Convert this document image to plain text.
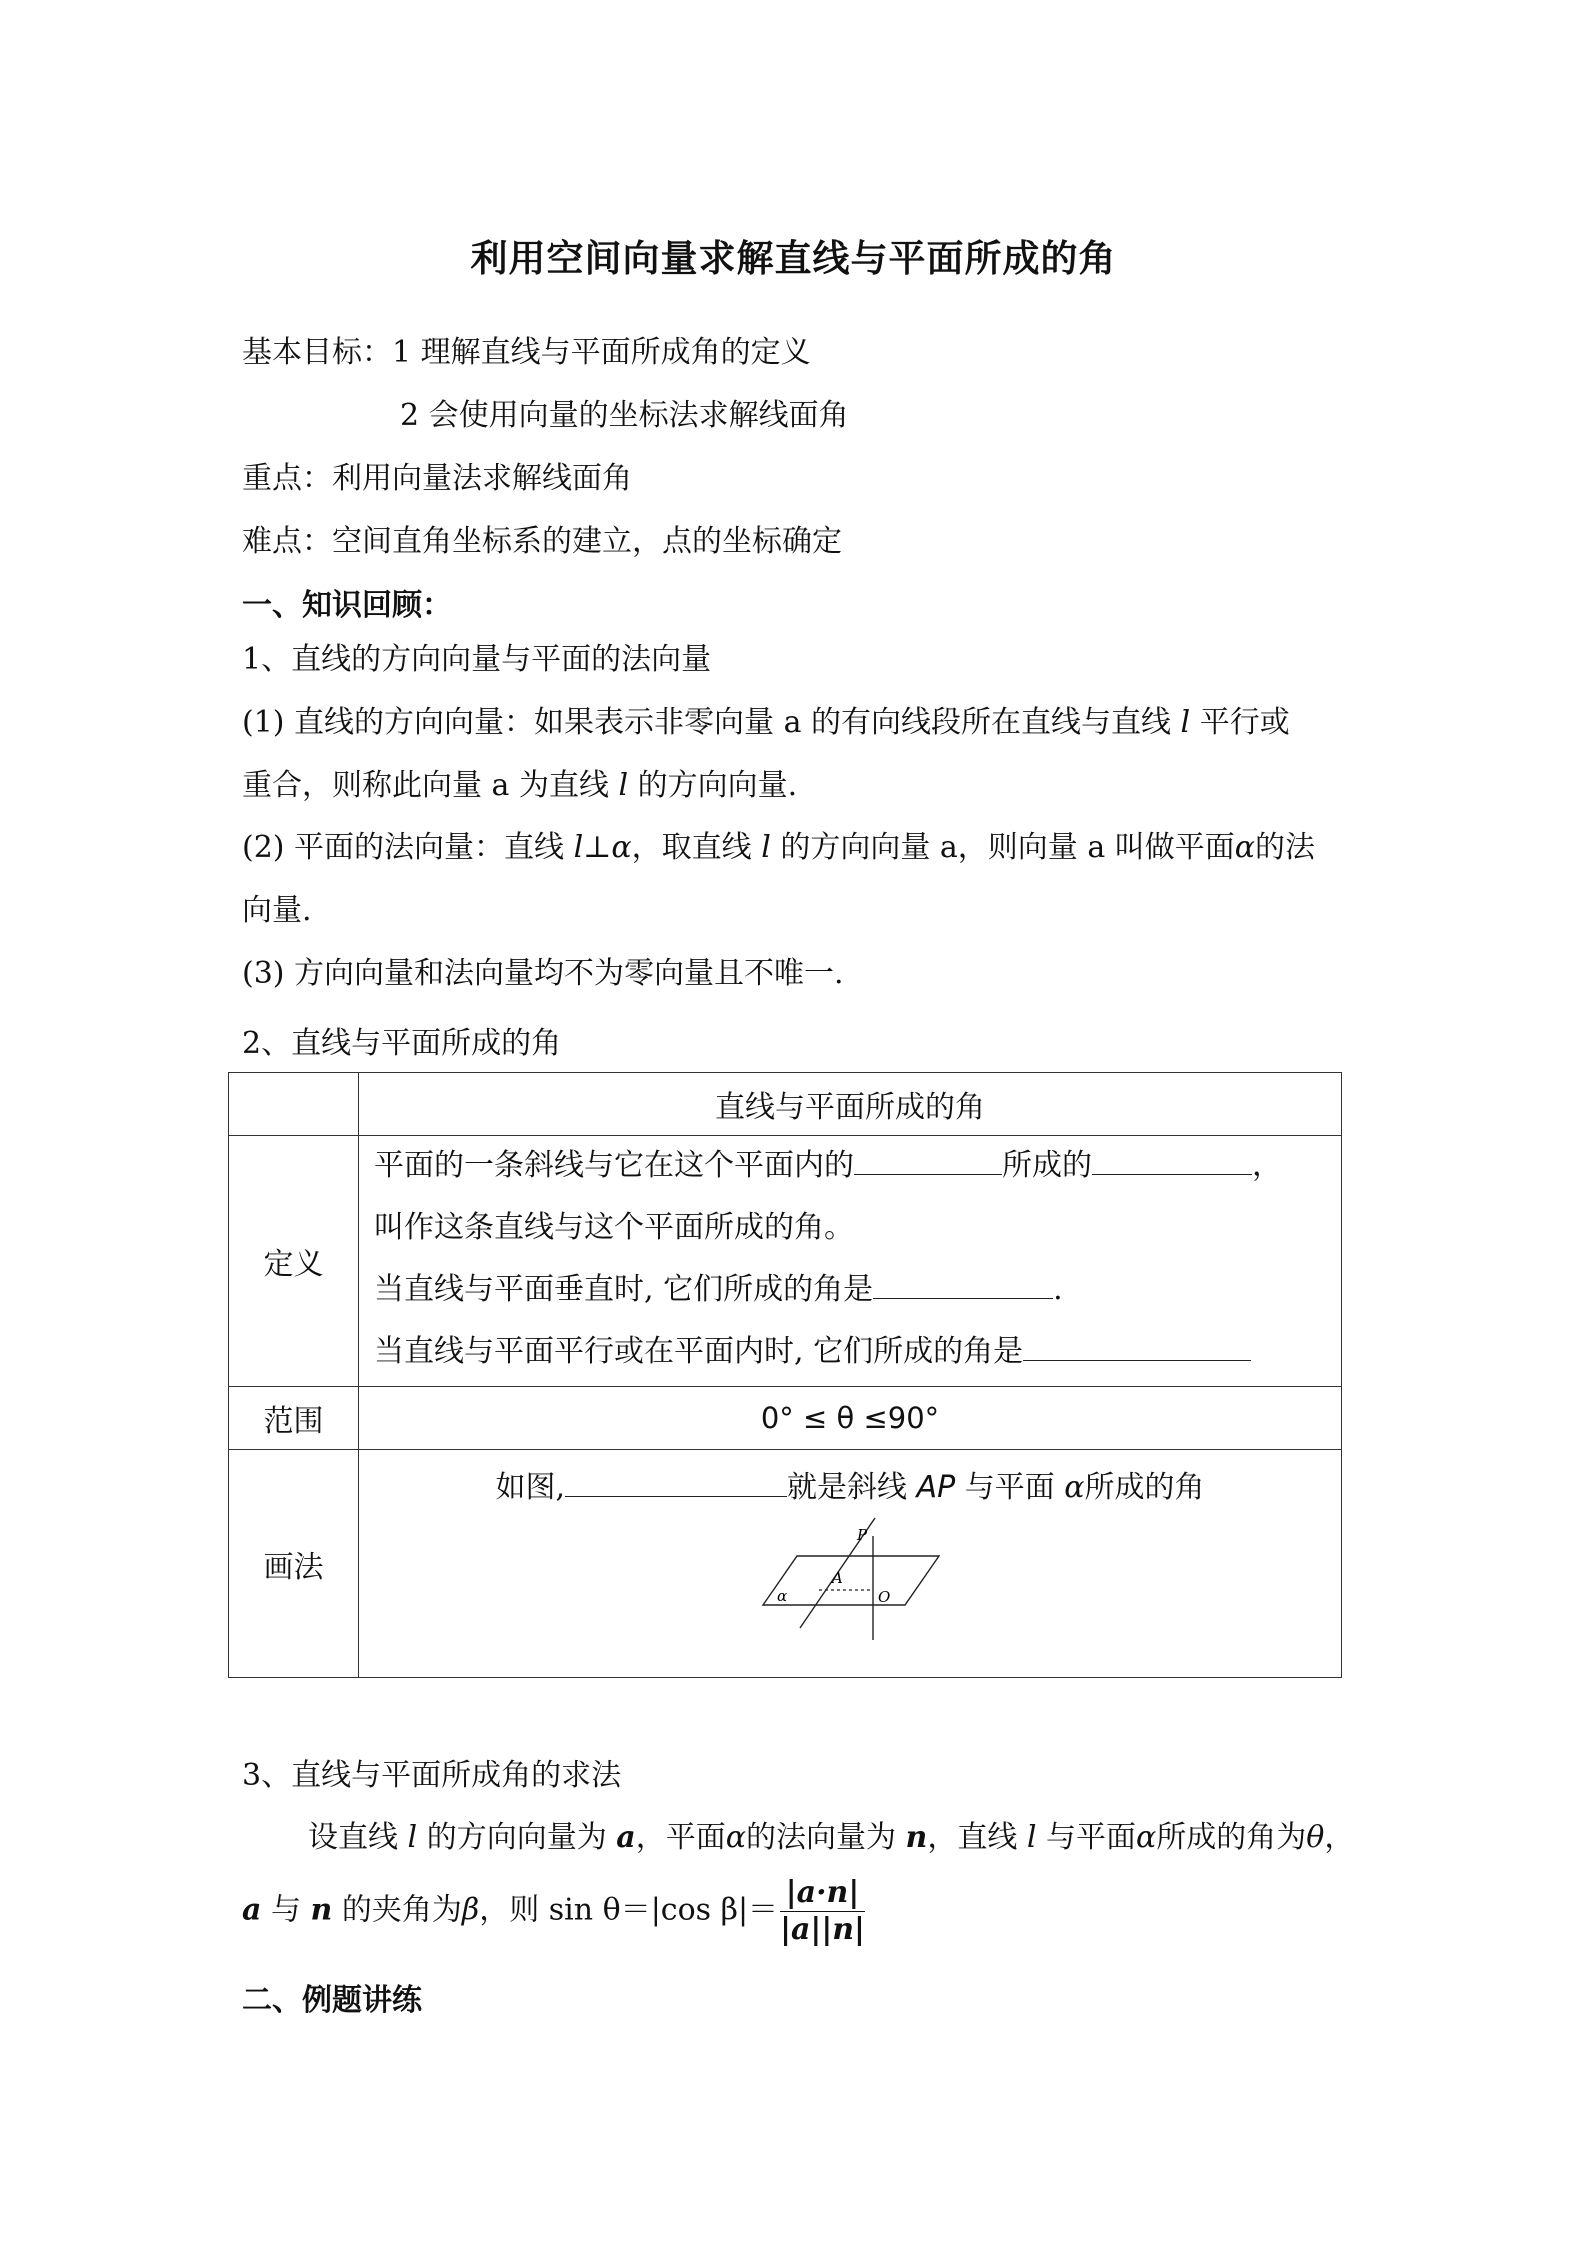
利用空间向量求解直线与平面所成的角
基本目标：1 理解直线与平面所成角的定义
2 会使用向量的坐标法求解线面角
重点：利用向量法求解线面角
难点：空间直角坐标系的建立，点的坐标确定
一、知识回顾：
1、直线的方向向量与平面的法向量
(1) 直线的方向向量：如果表示非零向量 a 的有向线段所在直线与直线 l 平行或
重合，则称此向量 a 为直线 l 的方向向量.
(2) 平面的法向量：直线 l⊥α，取直线 l 的方向向量 a，则向量 a 叫做平面α的法
向量.
(3) 方向向量和法向量均不为零向量且不唯一.
2、直线与平面所成的角
	直线与平面所成的角
定义	平面的一条斜线与它在这个平面内的 所成的 ，
叫作这条直线与这个平面所成的角。
当直线与平面垂直时, 它们所成的角是 .
当直线与平面平行或在平面内时, 它们所成的角是

范围	0° ≤ θ ≤90°
画法	如图, 就是斜线 AP 与平面 α所成的角
P
A
O
α
3、直线与平面所成角的求法
设直线 l 的方向向量为 a，平面α的法向量为 n，直线 l 与平面α所成的角为θ，
a 与 n 的夹角为β，则 sin θ＝|cos $\beta|= \frac{|a\cdot n|}{|a||n|}$
二、例题讲练
